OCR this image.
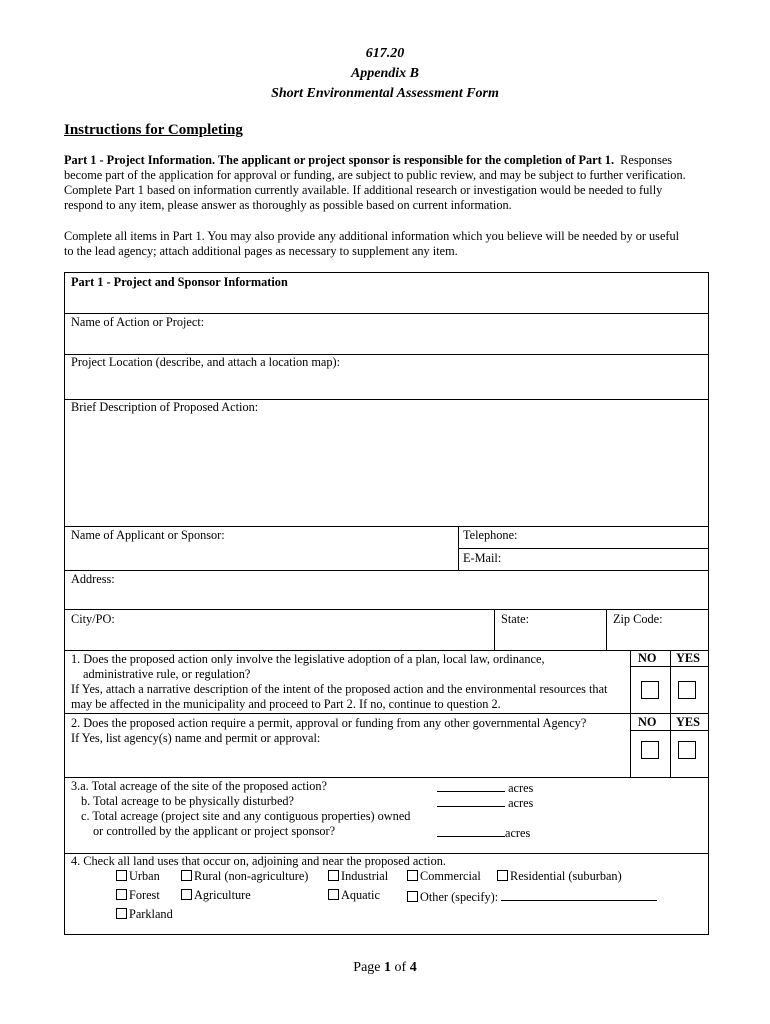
617.20
Appendix B
Short Environmental Assessment Form
Instructions for Completing
Part 1 - Project Information. The applicant or project sponsor is responsible for the completion of Part 1. Responses
become part of the application for approval or funding, are subject to public review, and may be subject to further verification.
Complete Part 1 based on information currently available. If additional research or investigation would be needed to fully
respond to any item, please answer as thoroughly as possible based on current information.
Complete all items in Part 1. You may also provide any additional information which you believe will be needed by or useful
to the lead agency; attach additional pages as necessary to supplement any item.
Part 1 - Project and Sponsor Information
Name of Action or Project:
Project Location (describe, and attach a location map):
Brief Description of Proposed Action:
Name of Applicant or Sponsor:	Telephone:
E-Mail:
Address:
City/PO:	State:	Zip Code:
1. Does the proposed action only involve the legislative adoption of a plan, local law, ordinance,
administrative rule, or regulation?
If Yes, attach a narrative description of the intent of the proposed action and the environmental resources that
may be affected in the municipality and proceed to Part 2. If no, continue to question 2.
NO YES
2. Does the proposed action require a permit, approval or funding from any other governmental Agency?
If Yes, list agency(s) name and permit or approval:
NO YES
3.a. Total acreage of the site of the proposed action?
b. Total acreage to be physically disturbed?
c. Total acreage (project site and any contiguous properties) owned
or controlled by the applicant or project sponsor?
acres
acres
acres
4. Check all land uses that occur on, adjoining and near the proposed action.
Urban	Rural (non-agriculture)	Industrial	Commercial	Residential (suburban)
Forest	Agriculture	Aquatic	Other (specify):
Parkland
Page 1 of 4
